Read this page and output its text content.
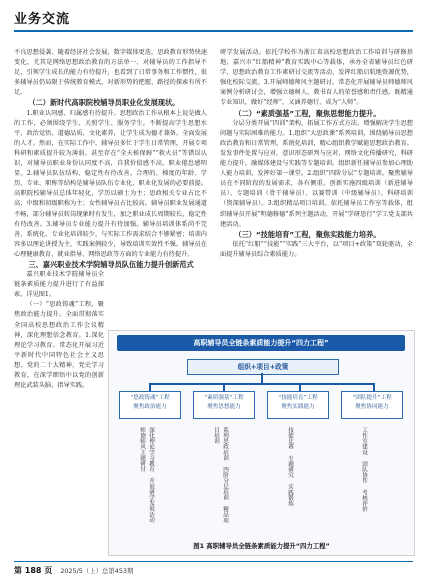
业务交流

不良思想侵袭、随着经济社会发展，数字媒体更迭，思政教育形势快速变化，尤其是网络思想政治教育的方法单一、对辅导员的工作指导不足，引领学生成长的能力有待提升，也看到了日常事务和工作惯性，很多辅导员仍局限于传统教育模式，对新形势的把握、路径的探索有所不足。

（二）新时代高职院校辅导员职业化发展现状。

1.职业认同感、归属感有待提升。思想政治工作从根本上说是做人的工作，必须围绕学生、关照学生、服务学生，不断提高学生思想水平、政治觉悟、道德品质、文化素养，让学生成为德才兼备、全面发展的人才。然而，在实际工作中，辅导员多忙于学生日常管理，开展专项科研和素质提升较为薄弱。甚至存在“全天候保姆”“救火员”等错误认识，对辅导员职业身份认同度不高，自我价值感不高，职业倦怠感明显。2.辅导员队伍结构、稳定性有待改善。合理的、梯度的年龄、学历、专业、职称等结构是辅导员队伍专业化、职业化发展的必要前提。高职院校辅导员总体年轻化，学历以硕士为主；思政相关专业占比不高；中级和初级职称为主；女性辅导员占比较高。辅导员职业发展通道不畅，部分辅导员转岗现象时有发生，加之职业成长周期较长，稳定性有待改善。3.辅导员专业能力提升有待加强。辅导员培训体系尚不完善，系统化、专业化培训较少，与实际工作需求结合不够紧密；培训内容多以理论讲授为主，实践案例较少，导致培训实效性不强。辅导员在心理健康教育、就业指导、网络思政等方面的专业能力有待提升。

三、嘉兴职业技术学院辅导员队伍能力提升创新范式

嘉兴职业技术学院辅导员全链条素质能力提升进行了有益探索，详见图1。

（一）“思政铸魂”工程，聚焦政治能力提升。全面贯彻落实全国高校思想政治工作会议精神，深化理想信念教育。1.深化理论学习教育。常态化开展习近平新时代中国特色社会主义思想、党的二十大精神、党史学习教育，在深学细悟中以党的创新理论武装头脑、指导实践。

研学发展活动。依托学校作为浙江省高校思想政治工作培训与研修基地，嘉兴市“红船精神”教育实践中心等载体，承办全省辅导员红色研学、思想政治教育工作素研讨交流等活动，发挥红船启航地资源优势，强化校际交流。3.开展师德师风主题研讨。常态化开展辅导员师德师风案例分析研讨会，增强立德树人、教书育人的荣誉感和责任感，既精通专业知识，做好“经师”，又涵养德行，成为“人师”。

（二）“素质强基”工程，聚焦思想能力提升。

分层分类开展“四训”架构，拓展工作方式方法，增强解决学生思想问题与实际困难的能力。1.组织“大思政课”系列培训，围绕辅导员思想政治教育和日常管理，系统化培训，精心组织教学赋能思想政治教育。发发事件处置与应对，意识形态研判与应对，网络文化传播研究，科研能力提升，融媒体建设与实践等专题培训。组织新任辅导员参加心理助人能力培训，发挥好第一课堂。2.组织“四阶分层”专题培训。聚焦辅导员在不同阶段的发展需求，各有侧重，创新实施四级培训（新进辅导员）、专题培训（骨干辅导员）、以赛带训（中级辅导员）、科研培训（资深辅导员）。3.组织精品项目培训。依托辅导员工作室等载体，组织辅导员开展“明德修德”系列主题活动，开展“学研思行”学工党支部共建活动。

（三）“技能培育”工程，聚焦实践能力培养。

依托“红船”“技能”“实践”三大平台，以“项目+政策”双轮驱动，全面提升辅导员综合素质能力。

高职辅导员全链条素质能力提升“四力工程”
组织+项目+政策
“思政铸魂”工程
聚焦政治能力
“素质强基”工程
聚焦思想能力
“技能培育”工程
聚焦实践能力
“团队提升”工程
聚焦协同能力
深化理论学习教育 开展研学发展活动 师德师风主题研讨	系列思政培训 四阶分层培训 精品项目培训	技能比赛 专题研究 实践锻炼	工作室建设 团队协作 考核评价
图1 高职辅导员全链条素质能力提升“四力工程”
第 188 页 2025/5（上）总第453期
